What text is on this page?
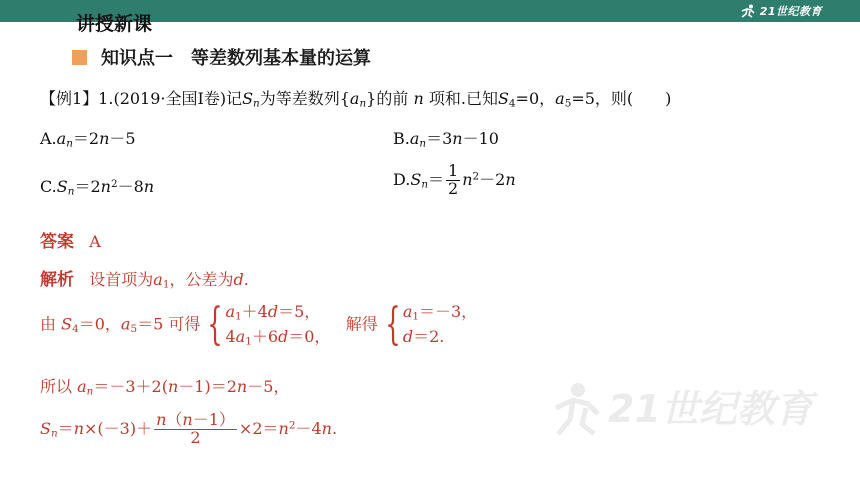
21世纪教育
讲授新课
知识点一　等差数列基本量的运算
【例1】1.(2019·全国Ⅰ卷)记$S_n$为等差数列$\{a_n\}$的前 n 项和.已知$S_4=0$，$a_5=5$，则(　　)
$A.a_n=2n-5$	$B.a_n=3n-10$
$C.S_n=2n^2-8n$	$D.S_n= \frac{1}{2} n^2-2n$
答案 A
解析 设首项为$a_1$，公差为d.
由 $S_4=0$，$a_5=5$ 可得 { $a_1+4d=5$，
$4a_1+6d=0$，
解得 { $a_1=-3$，
d＝2.
所以 $a_n=-3+2(n-1)=2n-5$，
$S_n=n\times(-3)+ \frac{n(n-1)}{2} \times 2=n^2-4n$.	21世纪教育
